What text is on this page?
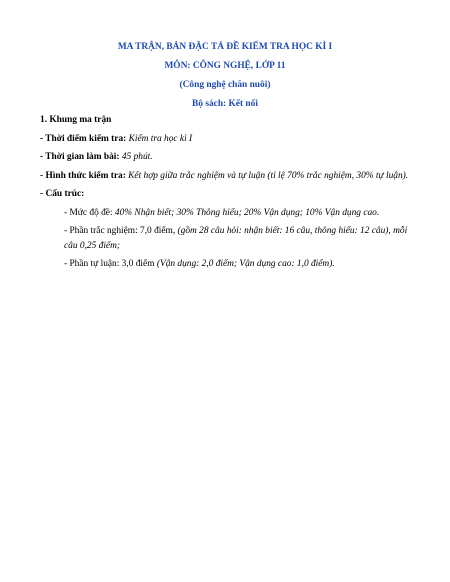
MA TRẬN, BẢN ĐẶC TẢ ĐỀ KIỂM TRA HỌC KÌ I
MÔN: CÔNG NGHỆ, LỚP 11
(Công nghệ chăn nuôi)
Bộ sách: Kết nối

1. Khung ma trận

- Thời điểm kiểm tra: Kiểm tra học kì I

- Thời gian làm bài: 45 phút.

- Hình thức kiểm tra: Kết hợp giữa trắc nghiệm và tự luận (tỉ lệ 70% trắc nghiệm, 30% tự luận).

- Cấu trúc:

- Mức độ đề: 40% Nhận biết; 30% Thông hiểu; 20% Vận dụng; 10% Vận dụng cao.

- Phần trắc nghiệm: 7,0 điểm, (gồm 28 câu hỏi: nhận biết: 16 câu, thông hiểu: 12 câu), mỗi câu 0,25 điểm;

- Phần tự luận: 3,0 điểm (Vận dụng: 2,0 điểm; Vận dụng cao: 1,0 điểm).
